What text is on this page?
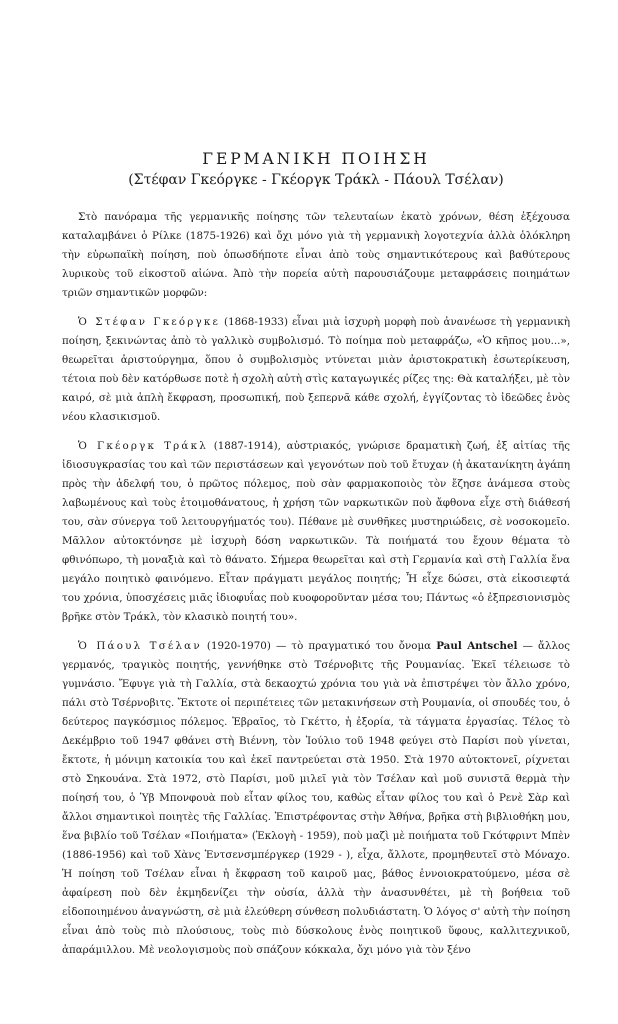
ΓΕΡΜΑΝΙΚΗ ΠΟΙΗΣΗ
(Στέφαν Γκεόργκε - Γκέοργκ Τράκλ - Πάουλ Τσέλαν)

Στὸ πανόραμα τῆς γερμανικῆς ποίησης τῶν τελευταίων ἑκατὸ χρόνων, θέση ἐξέχουσα καταλαμβάνει ὁ Ρίλκε (1875-1926) καὶ ὄχι μόνο γιὰ τὴ γερμανικὴ λογοτεχνία ἀλλὰ ὁλόκληρη τὴν εὐρωπαϊκὴ ποίηση, ποὺ ὁπωσδήποτε εἶναι ἀπὸ τοὺς σημαντικότερους καὶ βαθύτερους λυρικοὺς τοῦ εἰκοστοῦ αἰώνα. Ἀπὸ τὴν πορεία αὐτὴ παρουσιάζουμε μεταφράσεις ποιημάτων τριῶν σημαντικῶν μορφῶν:

Ὁ Στέφαν Γκεόργκε (1868-1933) εἶναι μιὰ ἰσχυρὴ μορφὴ ποὺ ἀνανέωσε τὴ γερμανικὴ ποίηση, ξεκινώντας ἀπὸ τὸ γαλλικὸ συμβολισμό. Τὸ ποίημα ποὺ μεταφράζω, «Ὁ κῆπος μου...», θεωρεῖται ἀριστούργημα, ὅπου ὁ συμβολισμὸς ντύνεται μιὰν ἀριστοκρατικὴ ἐσωτερίκευση, τέτοια ποὺ δὲν κατόρθωσε ποτὲ ἡ σχολὴ αὐτὴ στὶς καταγωγικές ρίζες της: Θὰ καταλήξει, μὲ τὸν καιρό, σὲ μιὰ ἁπλὴ ἔκφραση, προσωπική, ποὺ ξεπερνᾶ κάθε σχολή, ἐγγίζοντας τὸ ἰδεῶδες ἑνὸς νέου κλασικισμοῦ.

Ὁ Γκέοργκ Τράκλ (1887-1914), αὐστριακός, γνώρισε δραματικὴ ζωή, ἐξ αἰτίας τῆς ἰδιοσυγκρασίας του καὶ τῶν περιστάσεων καὶ γεγονότων ποὺ τοῦ ἔτυχαν (ἡ ἀκατανίκητη ἀγάπη πρὸς τὴν ἀδελφή του, ὁ πρῶτος πόλεμος, ποὺ σὰν φαρμακοποιὸς τὸν ἔζησε ἀνάμεσα στοὺς λαβωμένους καὶ τοὺς ἑτοιμοθάνατους, ἡ χρήση τῶν ναρκωτικῶν ποὺ ἄφθονα εἶχε στὴ διάθεσή του, σὰν σύνεργα τοῦ λειτουργήματός του). Πέθανε μὲ συνθῆκες μυστηριώδεις, σὲ νοσοκομεῖο. Μᾶλλον αὐτοκτόνησε μὲ ἰσχυρὴ δόση ναρκωτικῶν. Τὰ ποιήματά του ἔχουν θέματα τὸ φθινόπωρο, τὴ μοναξιὰ καὶ τὸ θάνατο. Σήμερα θεωρεῖται καὶ στὴ Γερμανία καὶ στὴ Γαλλία ἕνα μεγάλο ποιητικὸ φαινόμενο. Εἶταν πράγματι μεγάλος ποιητής; Ἦ εἶχε δώσει, στὰ εἰκοσιεφτά του χρόνια, ὑποσχέσεις μιᾶς ἰδιοφυΐας ποὺ κυοφοροῦνταν μέσα του; Πάντως «ὁ ἐξπρεσιονισμὸς βρῆκε στὸν Τράκλ, τὸν κλασικὸ ποιητή του».

Ὁ Πάουλ Τσέλαν (1920-1970) — τὸ πραγματικό του ὄνομα Paul Antschel — ἄλλος γερμανός, τραγικὸς ποιητής, γεννήθηκε στὸ Τσέρνοβιτς τῆς Ρουμανίας. Ἐκεῖ τέλειωσε τὸ γυμνάσιο. Ἔφυγε γιὰ τὴ Γαλλία, στὰ δεκαοχτώ χρόνια του γιὰ νὰ ἐπιστρέψει τὸν ἄλλο χρόνο, πάλι στὸ Τσέρνοβιτς. Ἔκτοτε οἱ περιπέτειες τῶν μετακινήσεων στὴ Ρουμανία, οἱ σπουδές του, ὁ δεύτερος παγκόσμιος πόλεμος. Ἑβραῖος, τὸ Γκέττο, ἡ ἐξορία, τὰ τάγματα ἐργασίας. Τέλος τὸ Δεκέμβριο τοῦ 1947 φθάνει στὴ Βιέννη, τὸν Ἰούλιο τοῦ 1948 φεύγει στὸ Παρίσι ποὺ γίνεται, ἔκτοτε, ἡ μόνιμη κατοικία του καὶ ἐκεῖ παντρεύεται στὰ 1950. Στὰ 1970 αὐτοκτονεῖ, ρίχνεται στὸ Σηκουάνα. Στὰ 1972, στὸ Παρίσι, μοῦ μιλεῖ γιὰ τὸν Τσέλαν καὶ μοῦ συνιστᾶ θερμὰ τὴν ποίησή του, ὁ Ὑβ Μπονφουὰ ποὺ εἶταν φίλος του, καθὼς εἶταν φίλος του καὶ ὁ Ρενὲ Σὰρ καὶ ἄλλοι σημαντικοὶ ποιητὲς τῆς Γαλλίας. Ἐπιστρέφοντας στὴν Ἀθήνα, βρῆκα στὴ βιβλιοθήκη μου, ἕνα βιβλίο τοῦ Τσέλαν «Ποιήματα» (Ἐκλογὴ - 1959), ποὺ μαζὶ μὲ ποιήματα τοῦ Γκότφριντ Μπὲν (1886-1956) καὶ τοῦ Χὰνς Ἐντσενσμπέργκερ (1929 - ), εἶχα, ἄλλοτε, προμηθευτεῖ στὸ Μόναχο. Ἡ ποίηση τοῦ Τσέλαν εἶναι ἡ ἔκφραση τοῦ καιροῦ μας, βάθος ἐννοιοκρατούμενο, μέσα σὲ ἀφαίρεση ποὺ δὲν ἐκμηδενίζει τὴν οὐσία, ἀλλὰ τὴν ἀνασυνθέτει, μὲ τὴ βοήθεια τοῦ εἰδοποιημένου ἀναγνώστη, σὲ μιὰ ἐλεύθερη σύνθεση πολυδιάστατη. Ὁ λόγος σ' αὐτὴ τὴν ποίηση εἶναι ἀπὸ τοὺς πιὸ πλούσιους, τοὺς πιὸ δύσκολους ἑνὸς ποιητικοῦ ὕφους, καλλιτεχνικοῦ, ἀπαράμιλλου. Μὲ νεολογισμοὺς ποὺ σπάζουν κόκκαλα, ὄχι μόνο γιὰ τὸν ξένο
